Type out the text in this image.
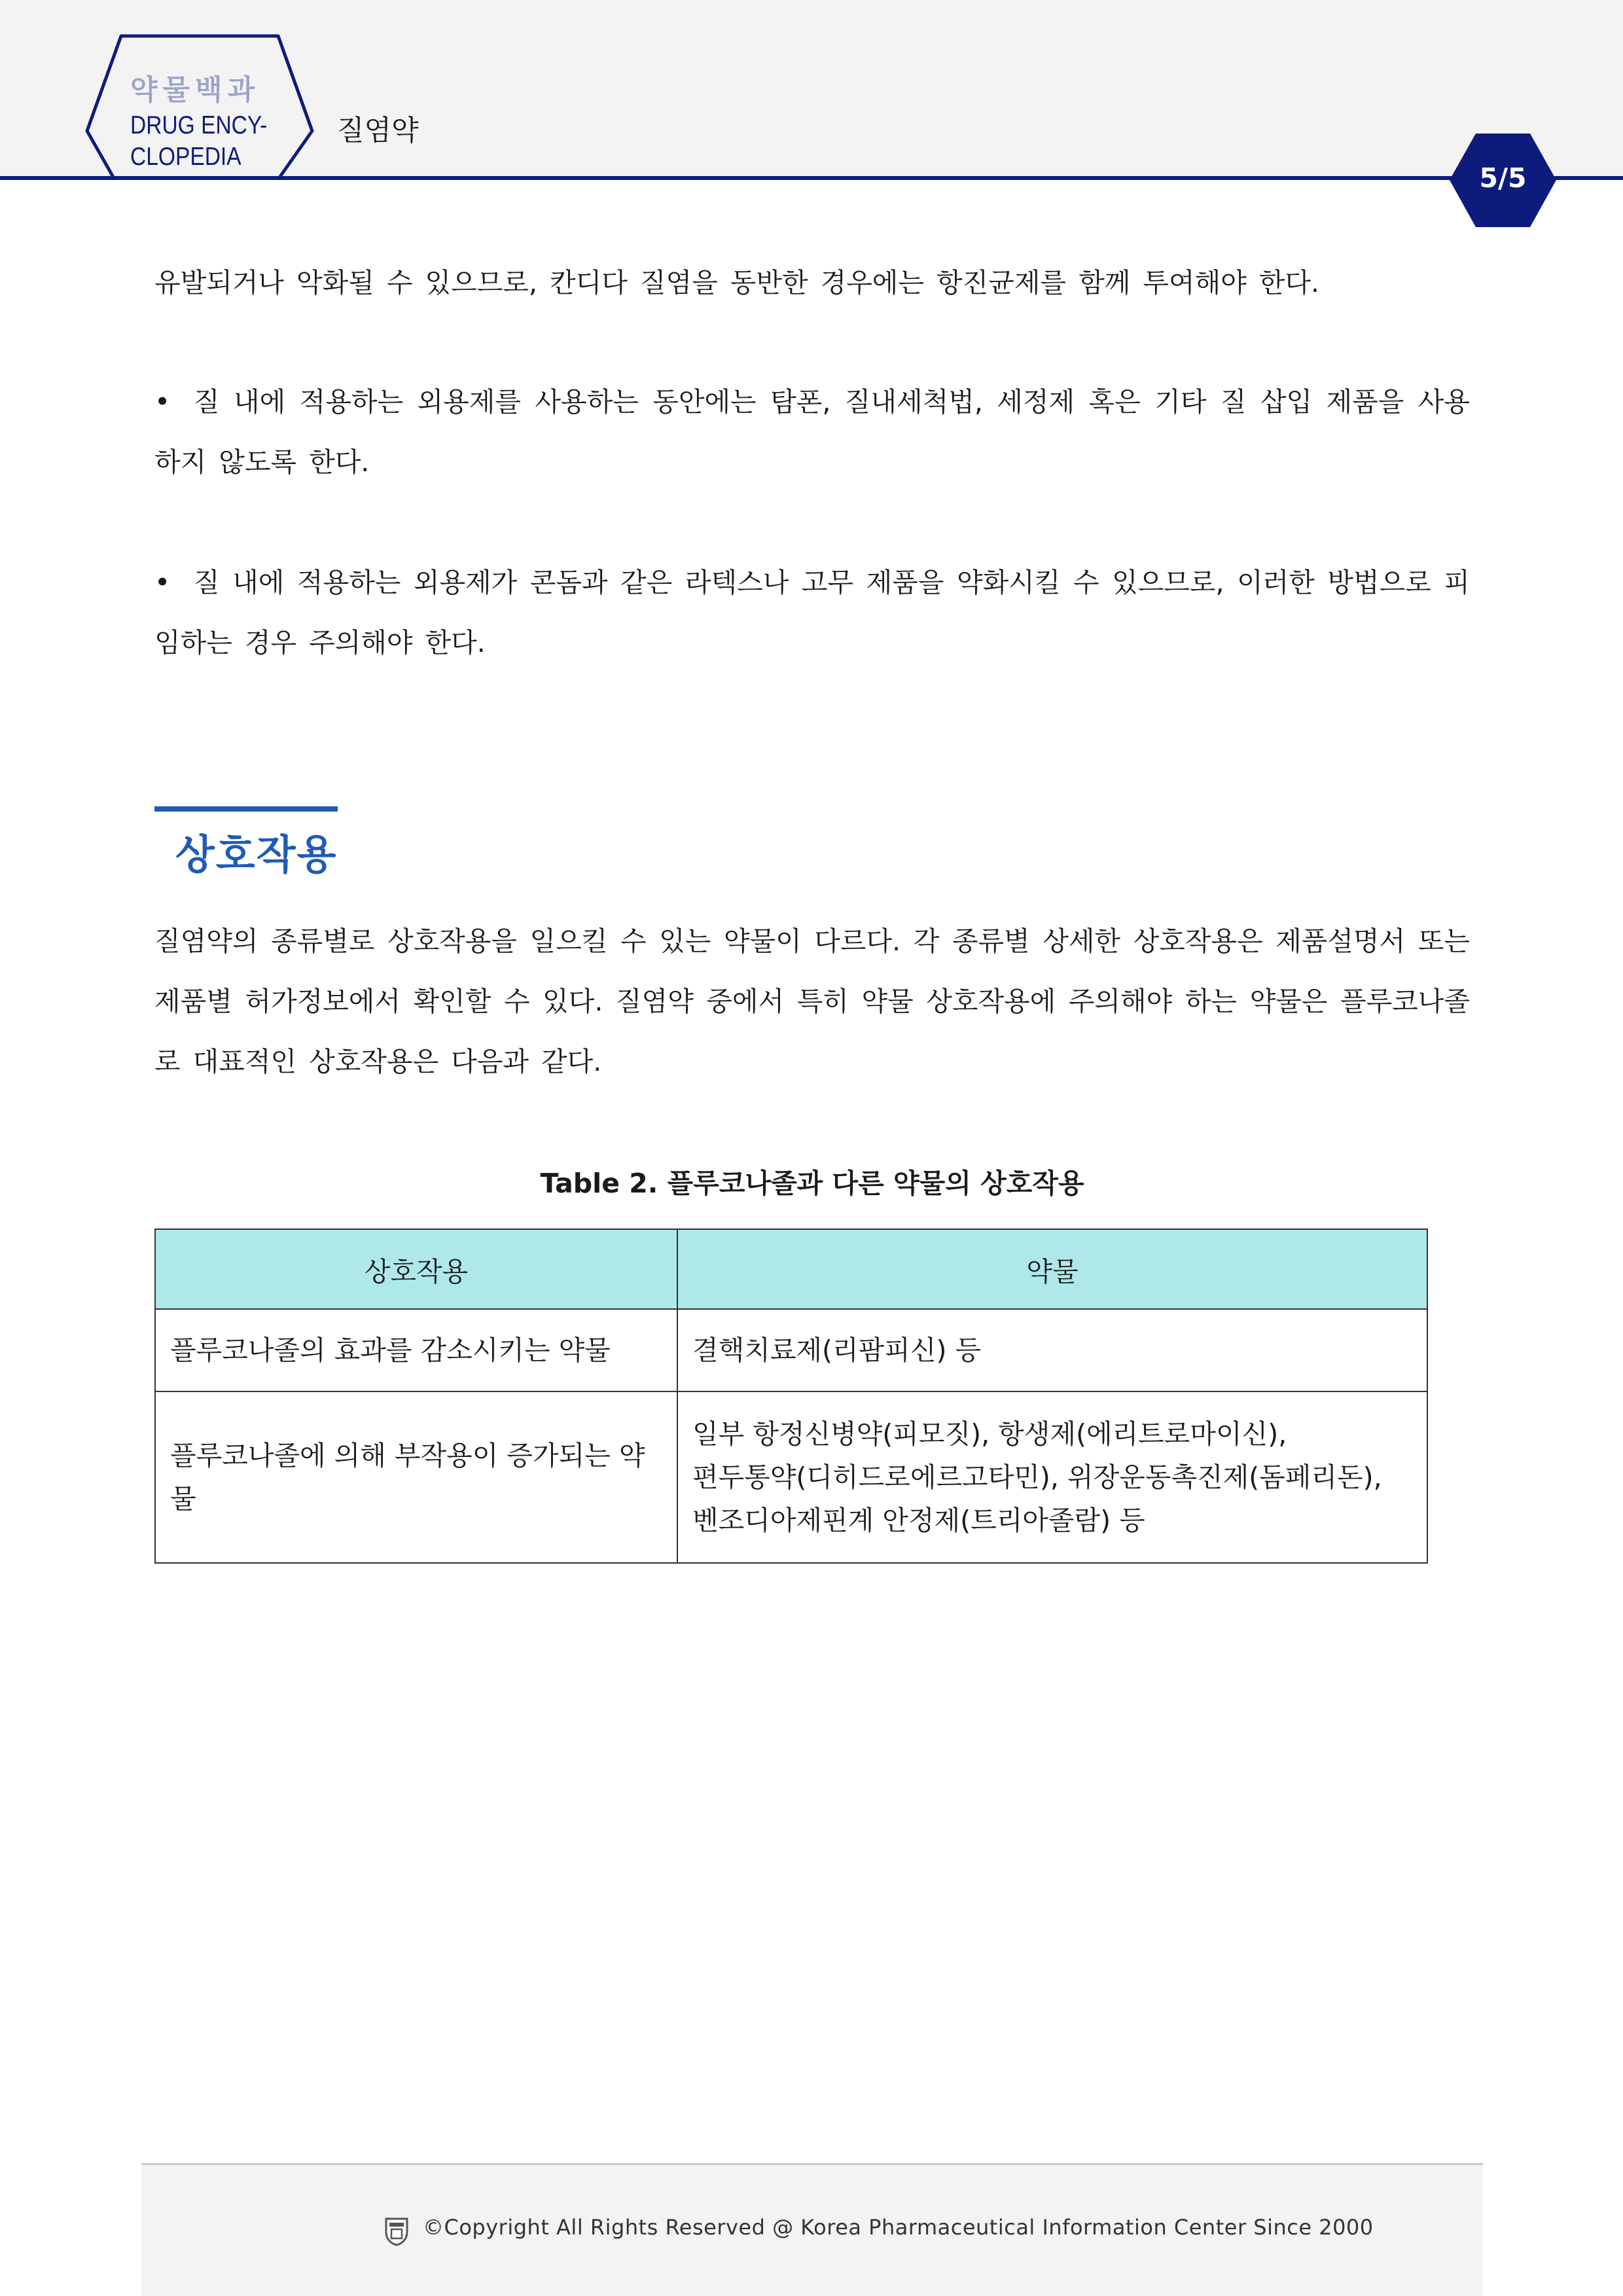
약물백과
DRUG ENCY-
CLOPEDIA
질염약
5/5
유발되거나 악화될 수 있으므로, 칸디다 질염을 동반한 경우에는 항진균제를 함께 투여해야 한다.
• 질 내에 적용하는 외용제를 사용하는 동안에는 탐폰, 질내세척법, 세정제 혹은 기타 질 삽입 제품을 사용하지 않도록 한다.
• 질 내에 적용하는 외용제가 콘돔과 같은 라텍스나 고무 제품을 약화시킬 수 있으므로, 이러한 방법으로 피임하는 경우 주의해야 한다.
상호작용
질염약의 종류별로 상호작용을 일으킬 수 있는 약물이 다르다. 각 종류별 상세한 상호작용은 제품설명서 또는 제품별 허가정보에서 확인할 수 있다. 질염약 중에서 특히 약물 상호작용에 주의해야 하는 약물은 플루코나졸로 대표적인 상호작용은 다음과 같다.
Table 2. 플루코나졸과 다른 약물의 상호작용
상호작용	약물
플루코나졸의 효과를 감소시키는 약물	결핵치료제(리팜피신) 등

플루코나졸에 의해 부작용이 증가되는 약물	일부 항정신병약(피모짓), 항생제(에리트로마이신),
편두통약(디히드로에르고타민), 위장운동촉진제(돔페리돈),
벤조디아제핀계 안정제(트리아졸람) 등
©Copyright All Rights Reserved @ Korea Pharmaceutical Information Center Since 2000
